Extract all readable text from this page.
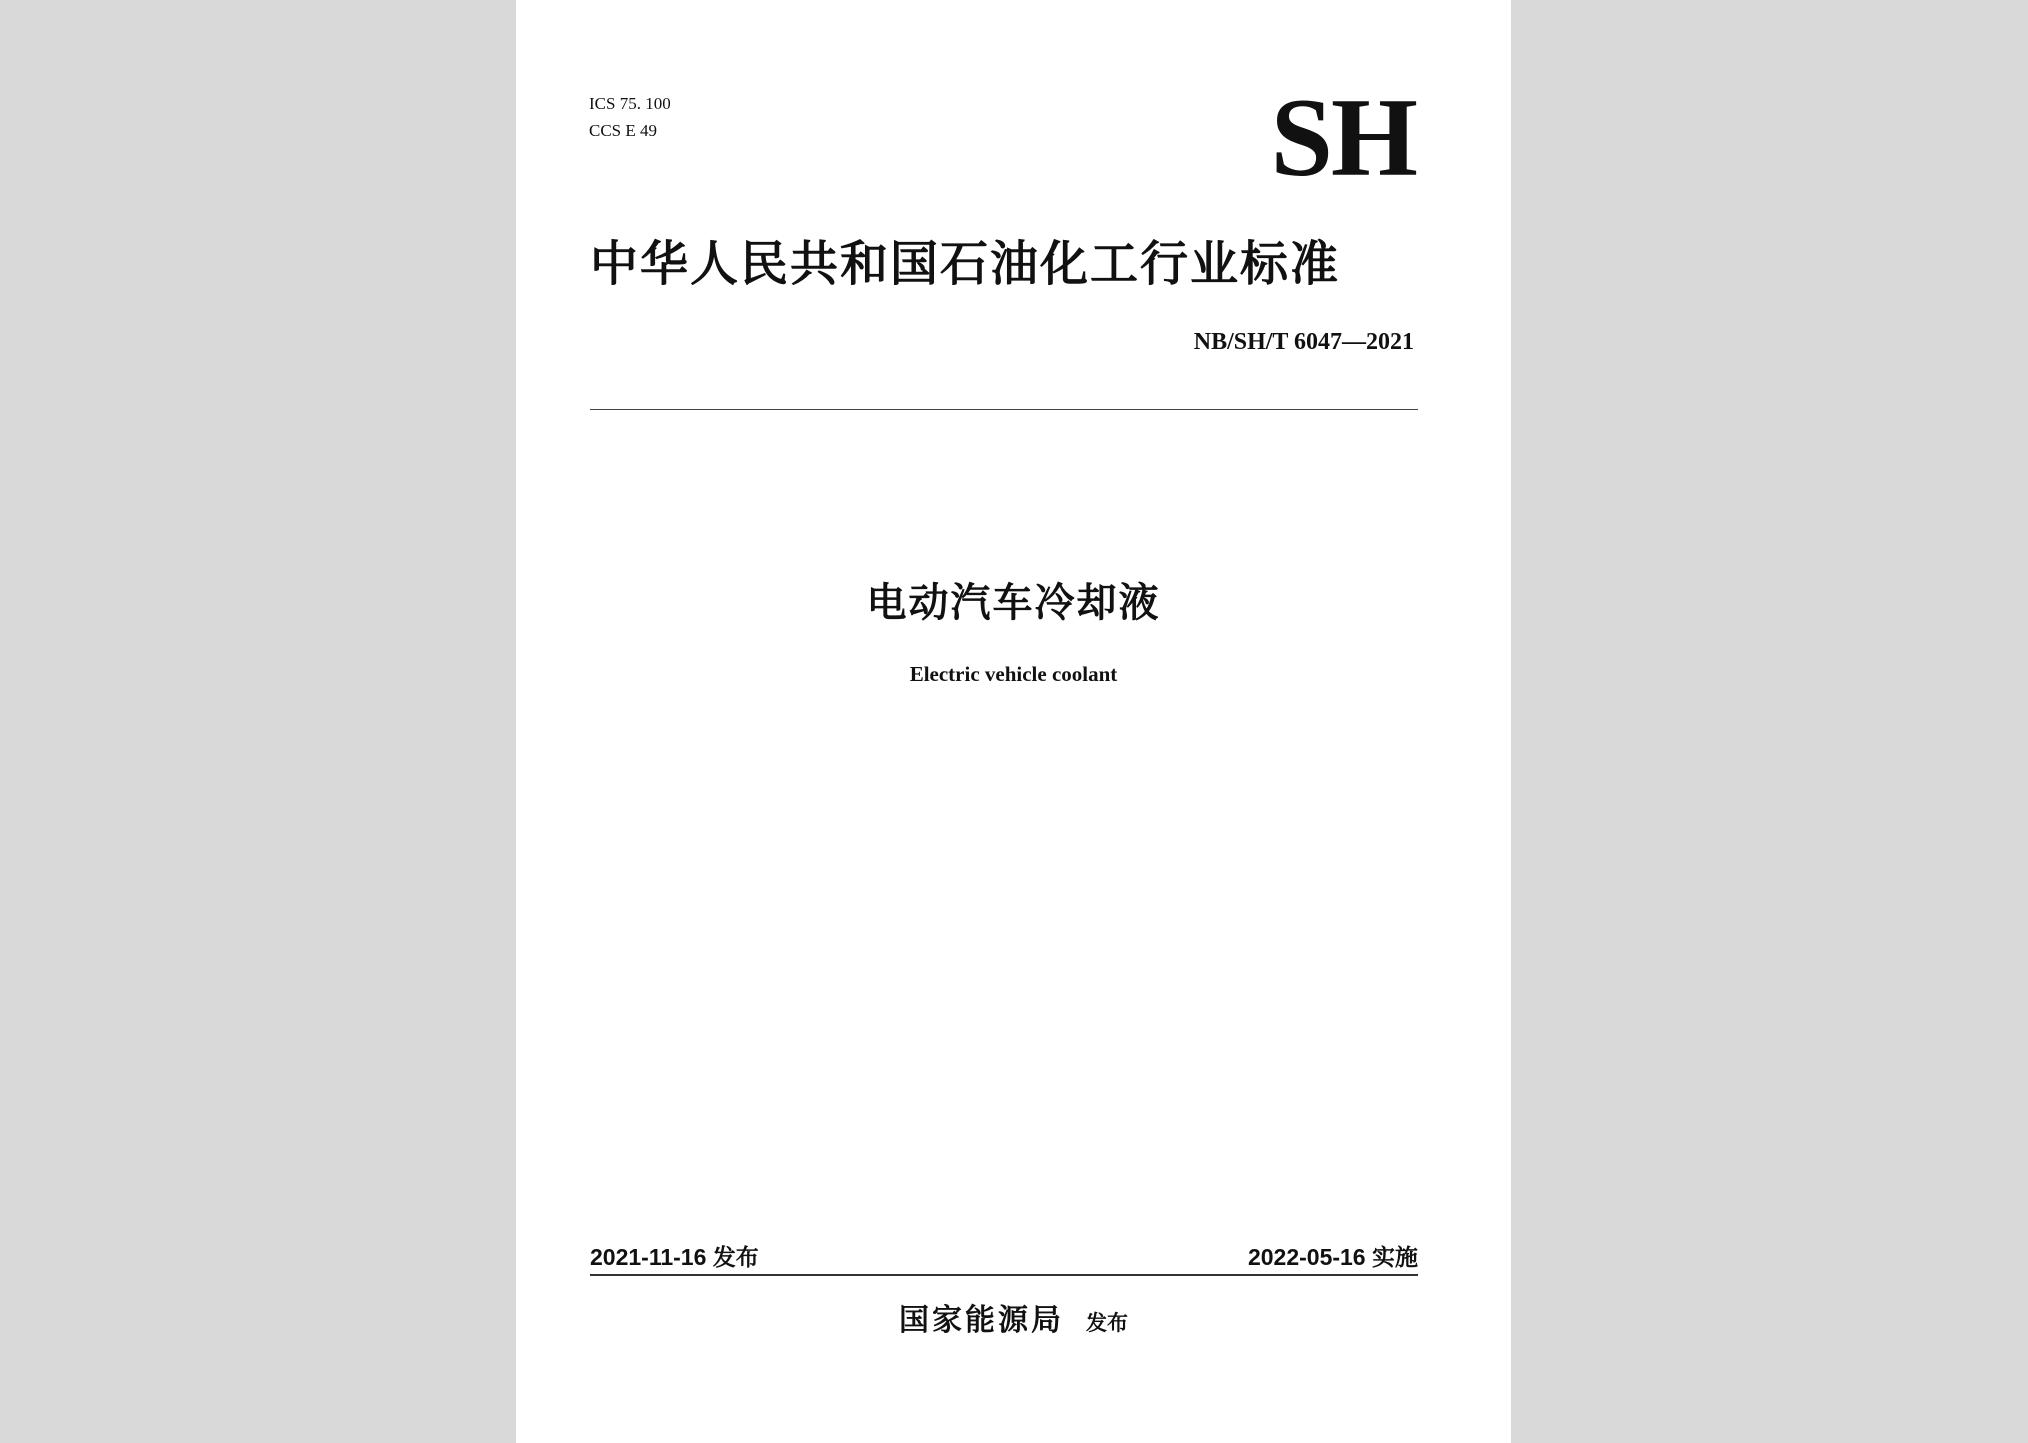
ICS 75. 100
CCS E 49	SH
中华人民共和国石油化工行业标准
NB/SH/T 6047—2021
电动汽车冷却液
Electric vehicle coolant
2021-11-16 发布	2022-05-16 实施
国家能源局 发布
